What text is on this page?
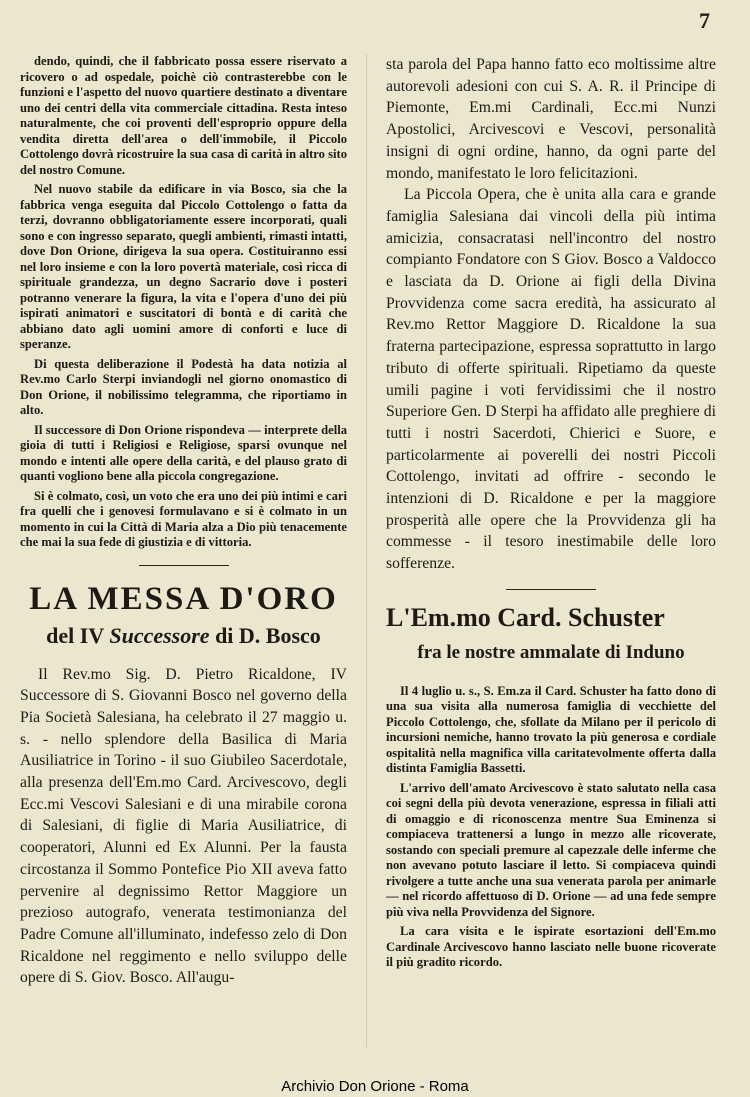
7

dendo, quindi, che il fabbricato possa essere riservato a ricovero o ad ospedale, poichè ciò contrasterebbe con le funzioni e l'aspetto del nuovo quartiere destinato a diventare uno dei centri della vita commerciale cittadina. Resta inteso naturalmente, che coi proventi dell'esproprio oppure della vendita diretta dell'area o dell'immobile, il Piccolo Cottolengo dovrà ricostruire la sua casa di carità in altro sito del nostro Comune.

Nel nuovo stabile da edificare in via Bosco, sia che la fabbrica venga eseguita dal Piccolo Cottolengo o fatta da terzi, dovranno obbligatoriamente essere incorporati, quali sono e con ingresso separato, quegli ambienti, rimasti intatti, dove Don Orione, dirigeva la sua opera. Costituiranno essi nel loro insieme e con la loro povertà materiale, così ricca di spirituale grandezza, un degno Sacrario dove i posteri potranno venerare la figura, la vita e l'opera d'uno dei più ispirati animatori e suscitatori di bontà e di carità che abbiano dato agli uomini amore di conforti e luce di speranze.

Di questa deliberazione il Podestà ha data notizia al Rev.mo Carlo Sterpi inviandogli nel giorno onomastico di Don Orione, il nobilissimo telegramma, che riportiamo in alto.

Il successore di Don Orione rispondeva — interprete della gioia di tutti i Religiosi e Religiose, sparsi ovunque nel mondo e intenti alle opere della carità, e del plauso grato di quanti vogliono bene alla piccola congregazione.

Si è colmato, così, un voto che era uno dei più intimi e cari fra quelli che i genovesi formulavano e si è colmato in un momento in cui la Città di Maria alza a Dio più tenacemente che mai la sua fede di giustizia e di vittoria.

LA MESSA D'ORO
del IV Successore di D. Bosco

Il Rev.mo Sig. D. Pietro Ricaldone, IV Successore di S. Giovanni Bosco nel governo della Pia Società Salesiana, ha celebrato il 27 maggio u. s. - nello splendore della Basilica di Maria Ausiliatrice in Torino - il suo Giubileo Sacerdotale, alla presenza dell'Em.mo Card. Arcivescovo, degli Ecc.mi Vescovi Salesiani e di una mirabile corona di Salesiani, di figlie di Maria Ausiliatrice, di cooperatori, Alunni ed Ex Alunni. Per la fausta circostanza il Sommo Pontefice Pio XII aveva fatto pervenire al degnissimo Rettor Maggiore un prezioso autografo, venerata testimonianza del Padre Comune all'illuminato, indefesso zelo di Don Ricaldone nel reggimento e nello sviluppo delle opere di S. Giov. Bosco. All'augu-

sta parola del Papa hanno fatto eco moltissime altre autorevoli adesioni con cui S. A. R. il Principe di Piemonte, Em.mi Cardinali, Ecc.mi Nunzi Apostolici, Arcivescovi e Vescovi, personalità insigni di ogni ordine, hanno, da ogni parte del mondo, manifestato le loro felicitazioni.

La Piccola Opera, che è unita alla cara e grande famiglia Salesiana dai vincoli della più intima amicizia, consacratasi nell'incontro del nostro compianto Fondatore con S Giov. Bosco a Valdocco e lasciata da D. Orione ai figli della Divina Provvidenza come sacra eredità, ha assicurato al Rev.mo Rettor Maggiore D. Ricaldone la sua fraterna partecipazione, espressa soprattutto in largo tributo di offerte spirituali. Ripetiamo da queste umili pagine i voti fervidissimi che il nostro Superiore Gen. D Sterpi ha affidato alle preghiere di tutti i nostri Sacerdoti, Chierici e Suore, e particolarmente ai poverelli dei nostri Piccoli Cottolengo, invitati ad offrire - secondo le intenzioni di D. Ricaldone e per la maggiore prosperità alle opere che la Provvidenza gli ha commesse - il tesoro inestimabile delle loro sofferenze.

L'Em.mo Card. Schuster
fra le nostre ammalate di Induno

Il 4 luglio u. s., S. Em.za il Card. Schuster ha fatto dono di una sua visita alla numerosa famiglia di vecchiette del Piccolo Cottolengo, che, sfollate da Milano per il pericolo di incursioni nemiche, hanno trovato la più generosa e cordiale ospitalità nella magnifica villa caritatevolmente offerta dalla distinta Famiglia Bassetti.

L'arrivo dell'amato Arcivescovo è stato salutato nella casa coi segni della più devota venerazione, espressa in filiali atti di omaggio e di riconoscenza mentre Sua Eminenza si compiaceva trattenersi a lungo in mezzo alle ricoverate, sostando con speciali premure al capezzale delle inferme che non avevano potuto lasciare il letto. Si compiaceva quindi rivolgere a tutte anche una sua venerata parola per animarle — nel ricordo affettuoso di D. Orione — ad una fede sempre più viva nella Provvidenza del Signore.

La cara visita e le ispirate esortazioni dell'Em.mo Cardinale Arcivescovo hanno lasciato nelle buone ricoverate il più gradito ricordo.

Archivio Don Orione - Roma
